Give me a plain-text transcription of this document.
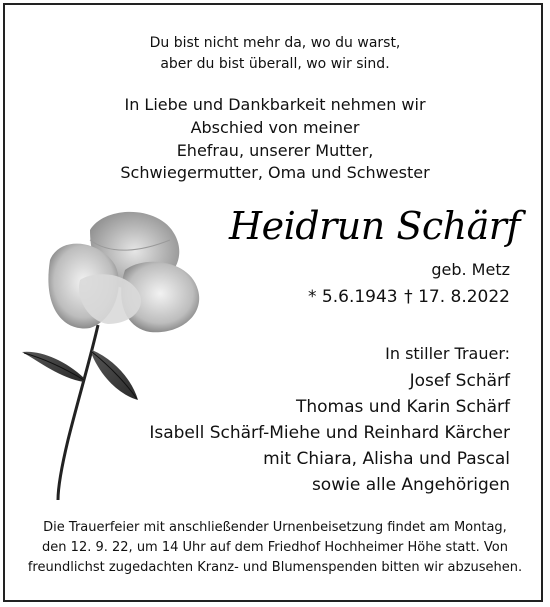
Du bist nicht mehr da, wo du warst,
aber du bist überall, wo wir sind.
In Liebe und Dankbarkeit nehmen wir
Abschied von meiner
Ehefrau, unserer Mutter,
Schwiegermutter, Oma und Schwester
Heidrun Schärf
geb. Metz
* 5.6.1943 † 17. 8.2022
In stiller Trauer:
Josef Schärf
Thomas und Karin Schärf
Isabell Schärf-Miehe und Reinhard Kärcher
mit Chiara, Alisha und Pascal
sowie alle Angehörigen
Die Trauerfeier mit anschließender Urnenbeisetzung findet am Montag,
den 12. 9. 22, um 14 Uhr auf dem Friedhof Hochheimer Höhe statt. Von
freundlichst zugedachten Kranz- und Blumenspenden bitten wir abzusehen.
